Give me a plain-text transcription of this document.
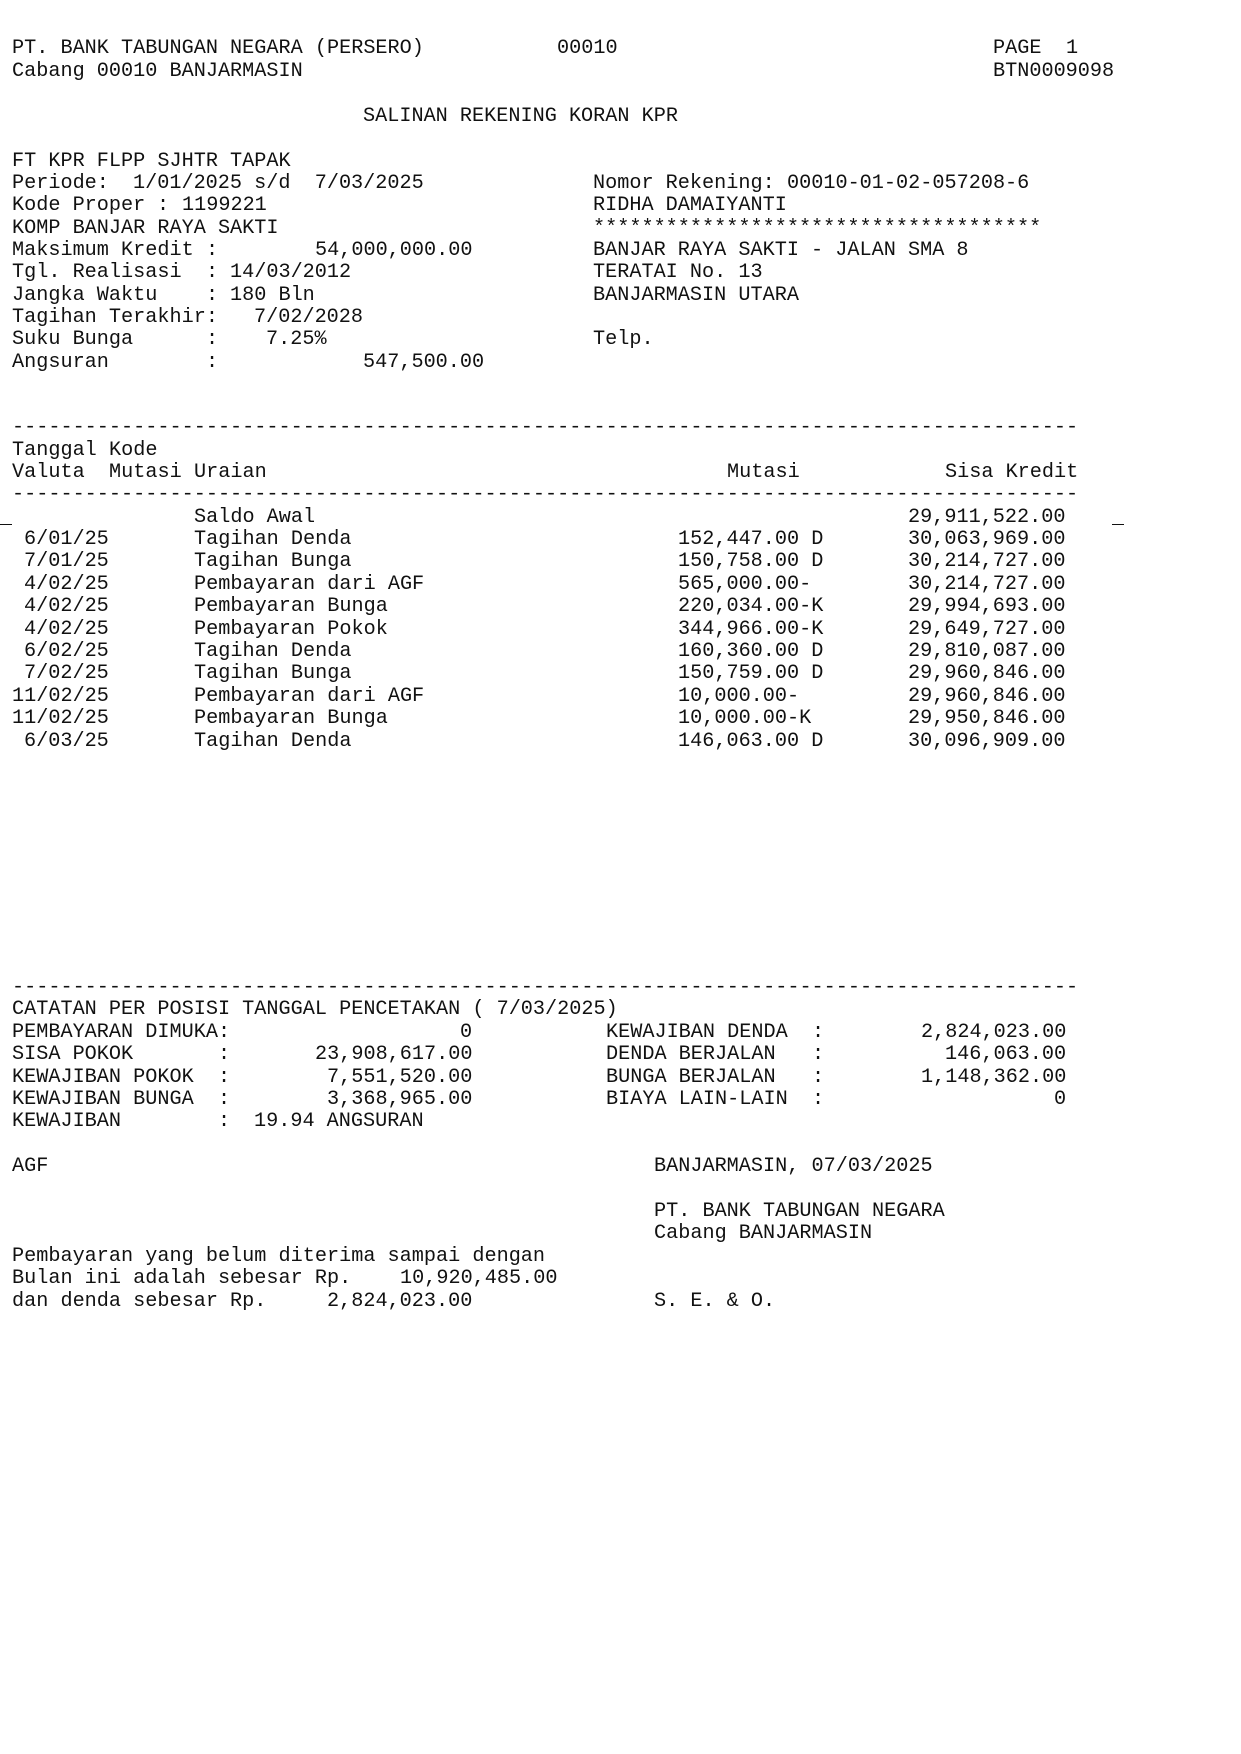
PT. BANK TABUNGAN NEGARA (PERSERO)	00010	PAGE 1
Cabang 00010 BANJARMASIN	BTN0009098
SALINAN REKENING KORAN KPR
FT KPR FLPP SJHTR TAPAK
Periode: 1/01/2025 s/d  7/03/2025	Nomor Rekening: 00010-01-02-057208-6
Kode Proper : 1199221	RIDHA DAMAIYANTI
KOMP BANJAR RAYA SAKTI	*************************************
Maksimum Kredit :	54,000,000.00	BANJAR RAYA SAKTI - JALAN SMA 8
Tgl. Realisasi : 14/03/2012	TERATAI No. 13
Jangka Waktu : 180 Bln	BANJARMASIN UTARA
Tagihan Terakhir: 7/02/2028
Suku Bunga	: 7.25%	Telp.
Angsuran	:	547,500.00
----------------------------------------------------------------------------------------
Tanggal Kode
Valuta Mutasi Uraian	Mutasi	Sisa Kredit
----------------------------------------------------------------------------------------
Saldo Awal	29,911,522.00
6/01/25	Tagihan Denda	152,447.00 D	30,063,969.00
7/01/25	Tagihan Bunga	150,758.00 D	30,214,727.00
4/02/25	Pembayaran dari AGF	565,000.00-	30,214,727.00
4/02/25	Pembayaran Bunga	220,034.00-K	29,994,693.00
4/02/25	Pembayaran Pokok	344,966.00-K	29,649,727.00
6/02/25	Tagihan Denda	160,360.00 D	29,810,087.00
7/02/25	Tagihan Bunga	150,759.00 D	29,960,846.00
11/02/25	Pembayaran dari AGF	10,000.00-	29,960,846.00
11/02/25	Pembayaran Bunga	10,000.00-K	29,950,846.00
6/03/25	Tagihan Denda	146,063.00 D	30,096,909.00
----------------------------------------------------------------------------------------
CATATAN PER POSISI TANGGAL PENCETAKAN ( 7/03/2025)
PEMBAYARAN DIMUKA:	0	KEWAJIBAN DENDA :	2,824,023.00
SISA POKOK	:	23,908,617.00	DENDA BERJALAN :	146,063.00
KEWAJIBAN POKOK :	7,551,520.00	BUNGA BERJALAN :	1,148,362.00
KEWAJIBAN BUNGA :	3,368,965.00	BIAYA LAIN-LAIN :	0
KEWAJIBAN	: 19.94 ANGSURAN
AGF	BANJARMASIN, 07/03/2025
PT. BANK TABUNGAN NEGARA
Cabang BANJARMASIN
Pembayaran yang belum diterima sampai dengan
Bulan ini adalah sebesar Rp. 10,920,485.00
dan denda sebesar Rp.	2,824,023.00	S. E. & O.
